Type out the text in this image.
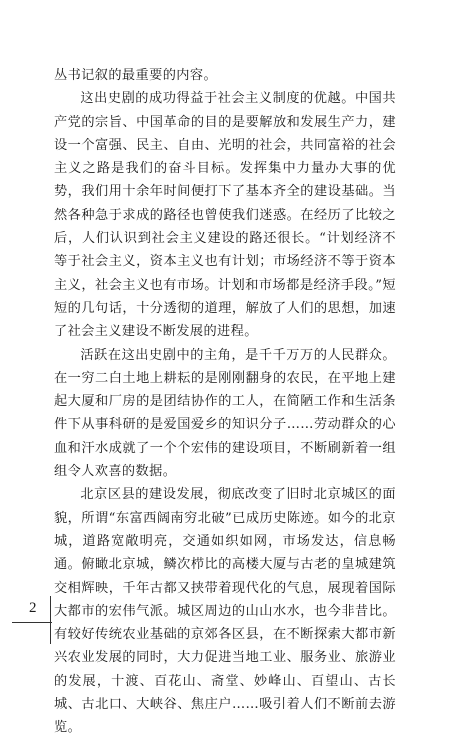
丛书记叙的最重要的内容。

这出史剧的成功得益于社会主义制度的优越。中国共产党的宗旨、中国革命的目的是要解放和发展生产力，建设一个富强、民主、自由、光明的社会，共同富裕的社会主义之路是我们的奋斗目标。发挥集中力量办大事的优势，我们用十余年时间便打下了基本齐全的建设基础。当然各种急于求成的路径也曾使我们迷惑。在经历了比较之后，人们认识到社会主义建设的路还很长。“计划经济不等于社会主义，资本主义也有计划；市场经济不等于资本主义，社会主义也有市场。计划和市场都是经济手段。”短短的几句话，十分透彻的道理，解放了人们的思想，加速了社会主义建设不断发展的进程。

活跃在这出史剧中的主角，是千千万万的人民群众。在一穷二白土地上耕耘的是刚刚翻身的农民，在平地上建起大厦和厂房的是团结协作的工人，在简陋工作和生活条件下从事科研的是爱国爱乡的知识分子……劳动群众的心血和汗水成就了一个个宏伟的建设项目，不断刷新着一组组令人欢喜的数据。

北京区县的建设发展，彻底改变了旧时北京城区的面貌，所谓“东富西阔南穷北破”已成历史陈迹。如今的北京城，道路宽敞明亮，交通如织如网，市场发达，信息畅通。俯瞰北京城，鳞次栉比的高楼大厦与古老的皇城建筑交相辉映，千年古都又挟带着现代化的气息，展现着国际大都市的宏伟气派。城区周边的山山水水，也今非昔比。有较好传统农业基础的京郊各区县，在不断探索大都市新兴农业发展的同时，大力促进当地工业、服务业、旅游业的发展，十渡、百花山、斋堂、妙峰山、百望山、古长城、古北口、大峡谷、焦庄户……吸引着人们不断前去游览。

2
